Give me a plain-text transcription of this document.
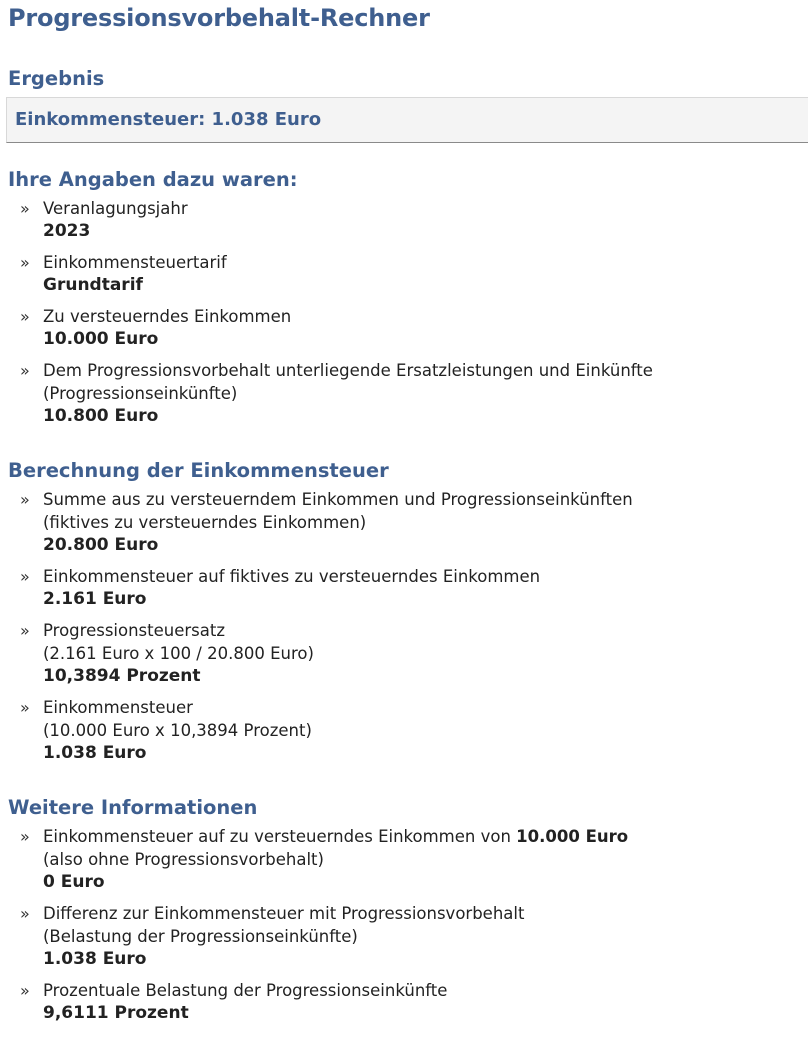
Progressionsvorbehalt-Rechner
Ergebnis
Einkommensteuer: 1.038 Euro
Ihre Angaben dazu waren:
» Veranlagungsjahr
2023
» Einkommensteuertarif
Grundtarif
» Zu versteuerndes Einkommen
10.000 Euro
» Dem Progressionsvorbehalt unterliegende Ersatzleistungen und Einkünfte
(Progressionseinkünfte)
10.800 Euro
Berechnung der Einkommensteuer
» Summe aus zu versteuerndem Einkommen und Progressionseinkünften
(fiktives zu versteuerndes Einkommen)
20.800 Euro
» Einkommensteuer auf fiktives zu versteuerndes Einkommen
2.161 Euro
» Progressionsteuersatz
(2.161 Euro x 100 / 20.800 Euro)
10,3894 Prozent
» Einkommensteuer
(10.000 Euro x 10,3894 Prozent)
1.038 Euro
Weitere Informationen
» Einkommensteuer auf zu versteuerndes Einkommen von 10.000 Euro
(also ohne Progressionsvorbehalt)
0 Euro
» Differenz zur Einkommensteuer mit Progressionsvorbehalt
(Belastung der Progressionseinkünfte)
1.038 Euro
» Prozentuale Belastung der Progressionseinkünfte
9,6111 Prozent
